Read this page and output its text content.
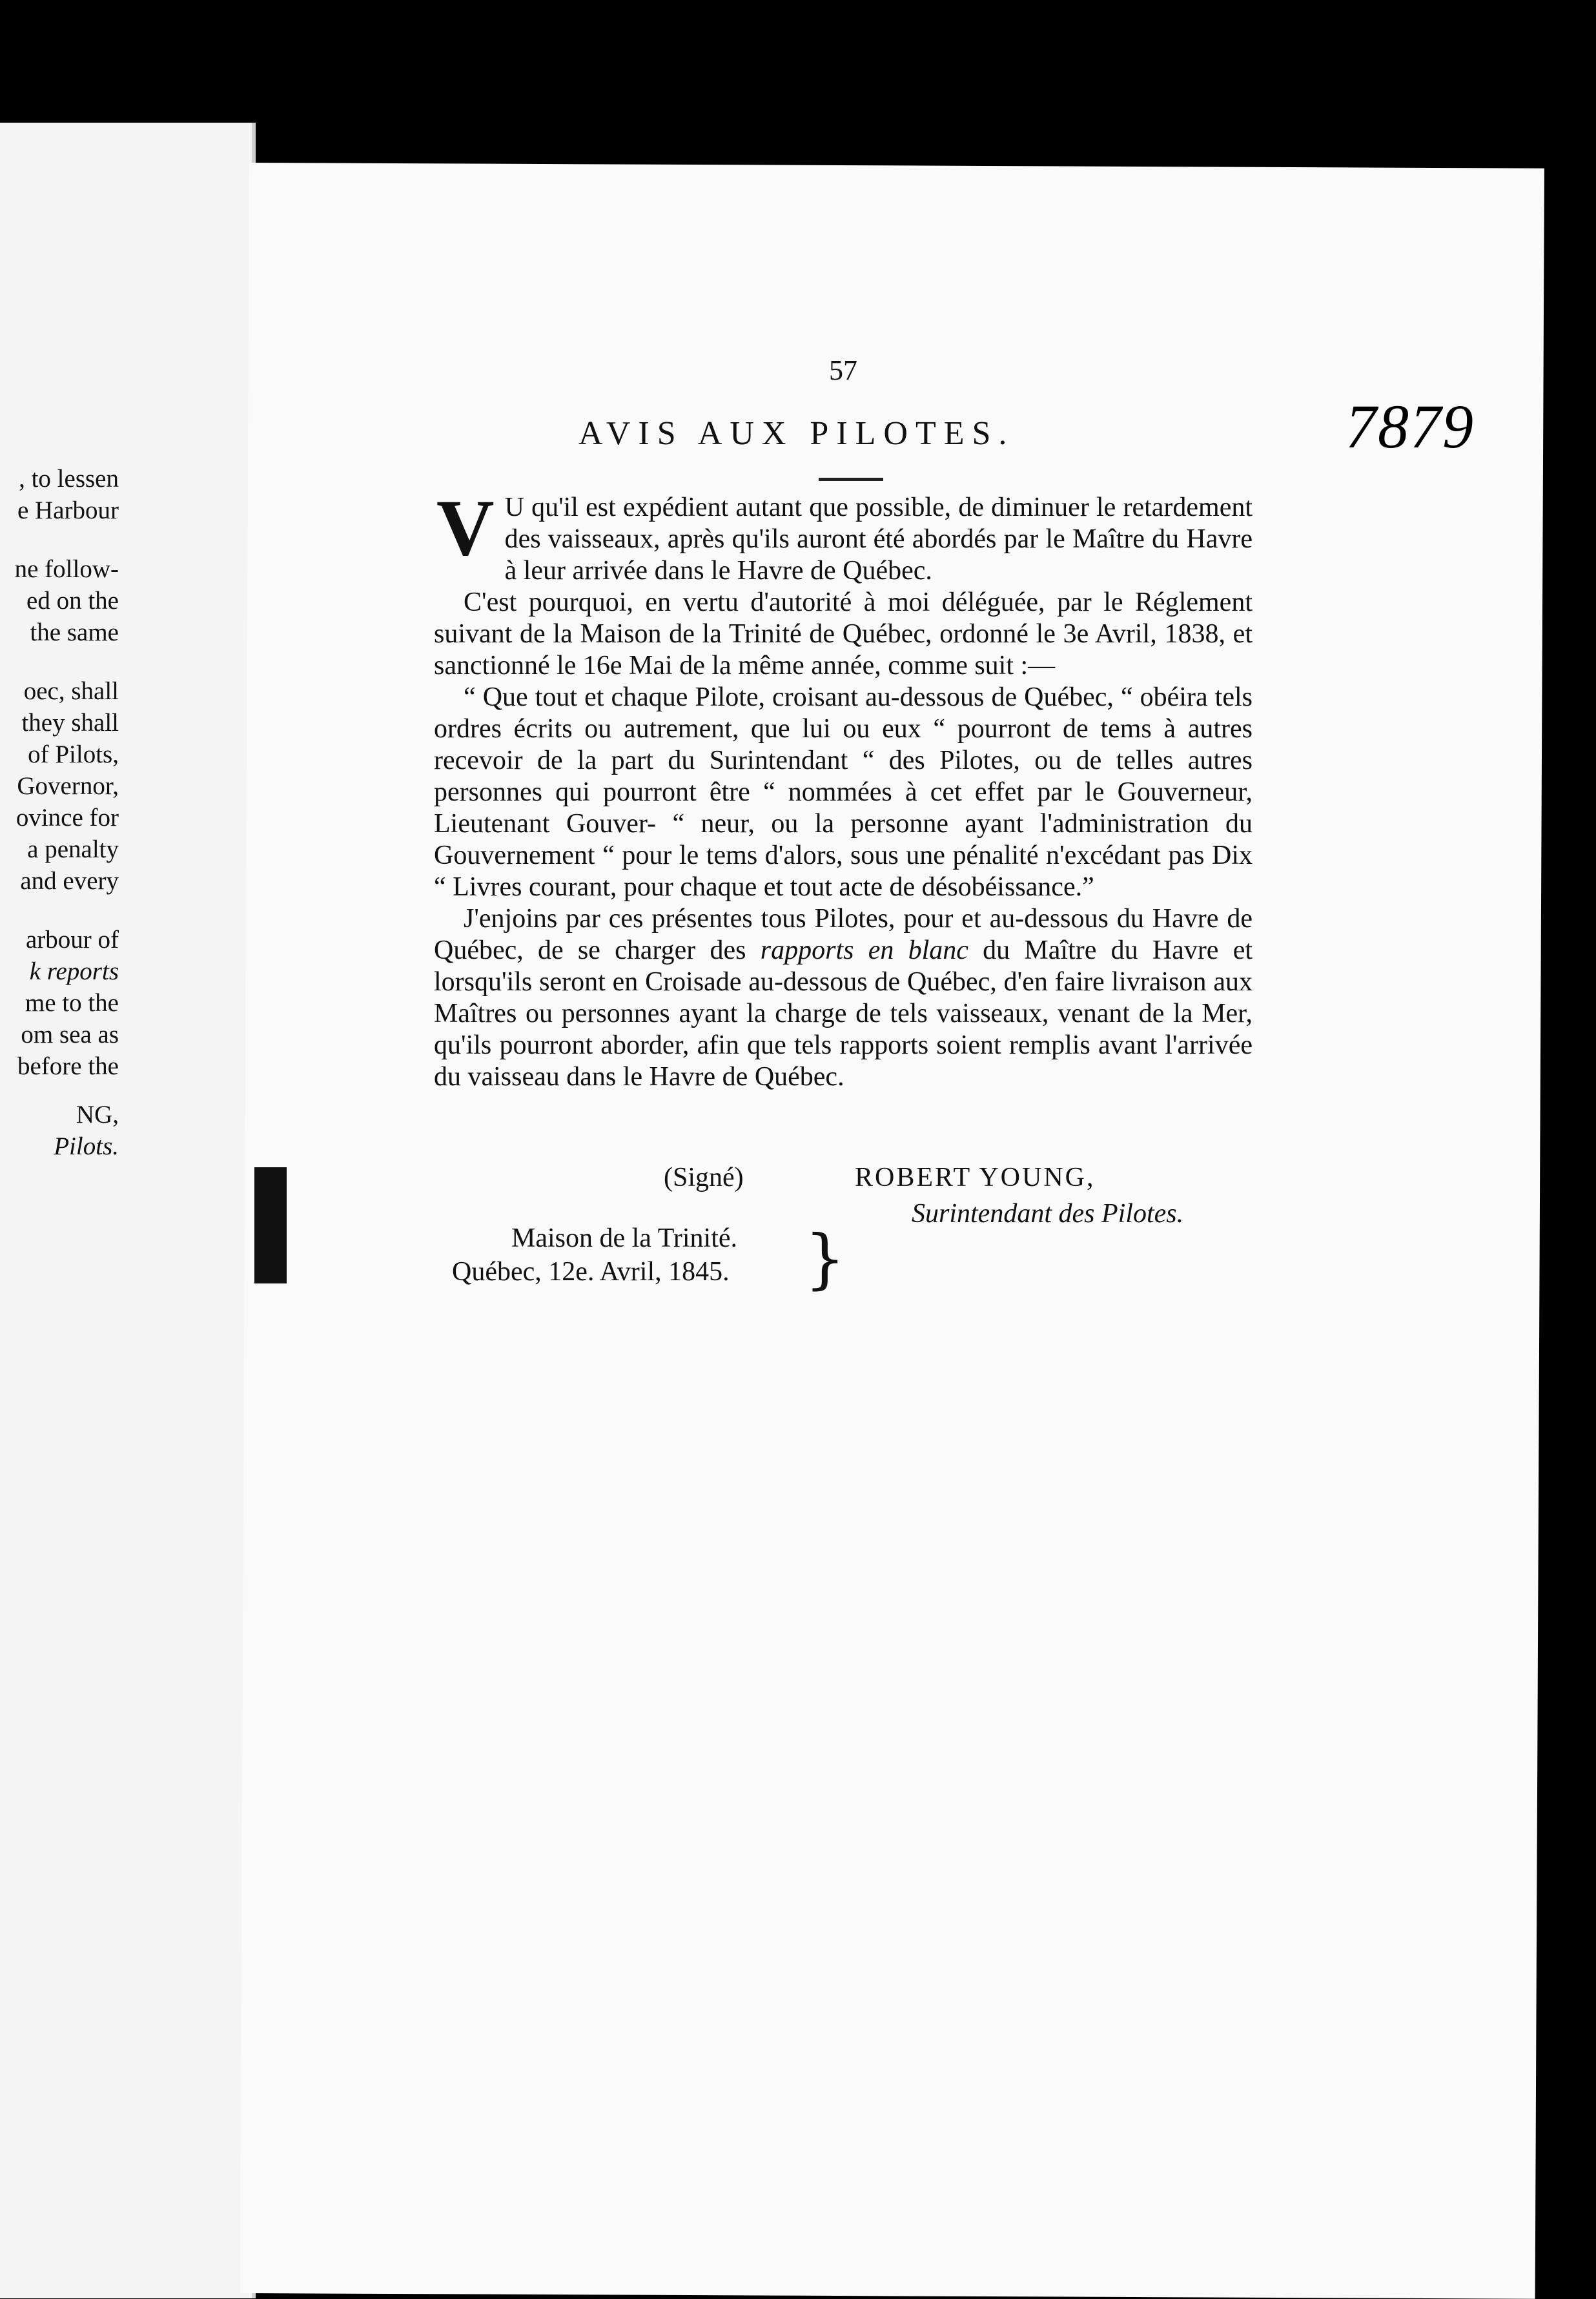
, to lessen
e Harbour
ne follow-
ed on the
the same
oec, shall
they shall
of Pilots,
Governor,
ovince for
a penalty
and every
arbour of
k reports
me to the
om sea as
before the
NG,
Pilots.
57
7879
AVIS AUX PILOTES.

V U qu'il est expédient autant que possible, de diminuer le retardement des vaisseaux, après qu'ils auront été abordés par le Maître du Havre à leur arrivée dans le Havre de Québec.

C'est pourquoi, en vertu d'autorité à moi déléguée, par le Réglement suivant de la Maison de la Trinité de Québec, ordonné le 3e Avril, 1838, et sanctionné le 16e Mai de la même année, comme suit :—

“ Que tout et chaque Pilote, croisant au-dessous de Québec, “ obéira tels ordres écrits ou autrement, que lui ou eux “ pourront de tems à autres recevoir de la part du Surintendant “ des Pilotes, ou de telles autres personnes qui pourront être “ nommées à cet effet par le Gouverneur, Lieutenant Gouver- “ neur, ou la personne ayant l'administration du Gouvernement “ pour le tems d'alors, sous une pénalité n'excédant pas Dix “ Livres courant, pour chaque et tout acte de désobéissance.”

J'enjoins par ces présentes tous Pilotes, pour et au-dessous du Havre de Québec, de se charger des rapports en blanc du Maître du Havre et lorsqu'ils seront en Croisade au-dessous de Québec, d'en faire livraison aux Maîtres ou personnes ayant la charge de tels vaisseaux, venant de la Mer, qu'ils pourront aborder, afin que tels rapports soient remplis avant l'arrivée du vaisseau dans le Havre de Québec.

(Signé)	ROBERT YOUNG,
Surintendant des Pilotes.
Maison de la Trinité.
Québec, 12e. Avril, 1845. }
